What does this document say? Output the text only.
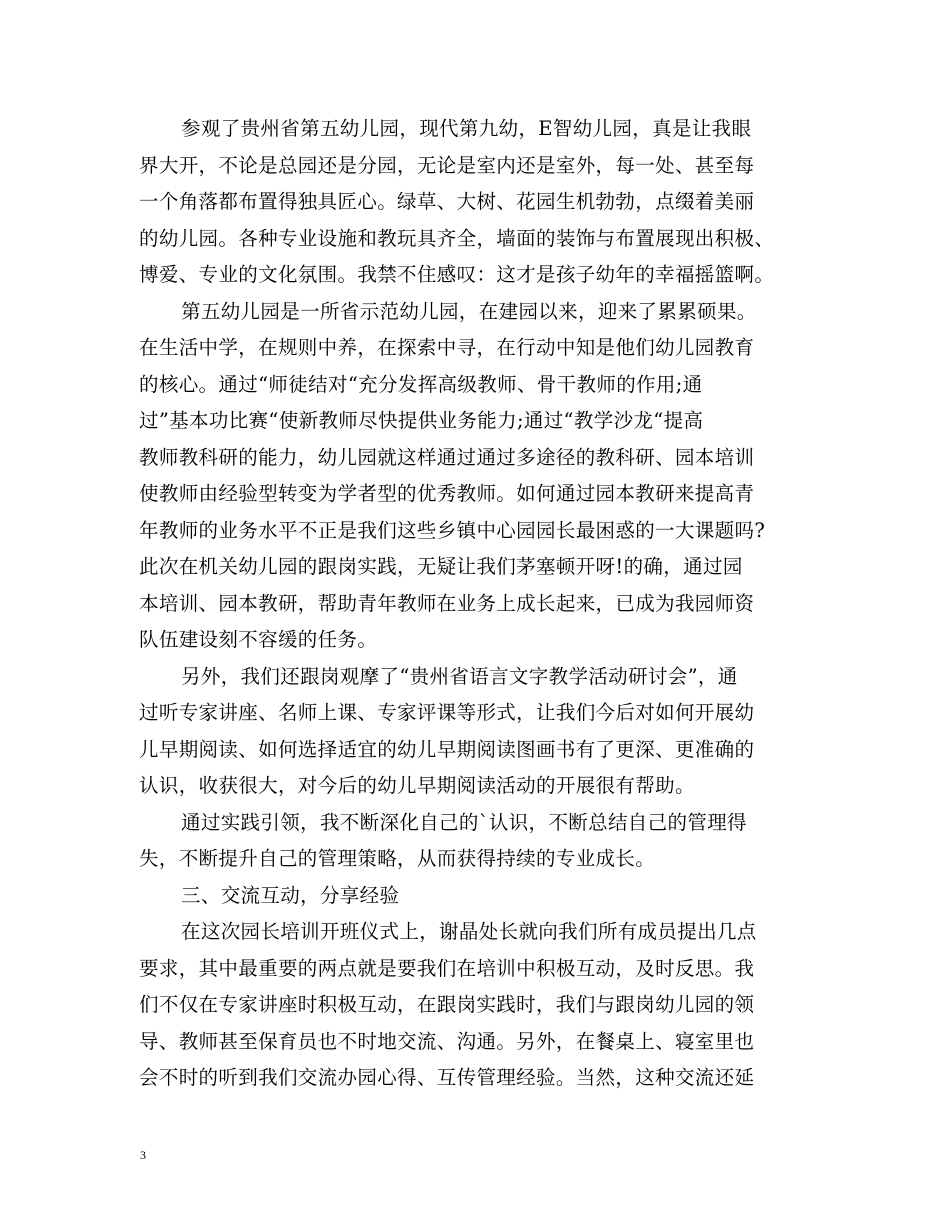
参观了贵州省第五幼儿园，现代第九幼，E智幼儿园，真是让我眼
界大开，不论是总园还是分园，无论是室内还是室外，每一处、甚至每
一个角落都布置得独具匠心。绿草、大树、花园生机勃勃，点缀着美丽
的幼儿园。各种专业设施和教玩具齐全，墙面的装饰与布置展现出积极、
博爱、专业的文化氛围。我禁不住感叹：这才是孩子幼年的幸福摇篮啊。
第五幼儿园是一所省示范幼儿园，在建园以来，迎来了累累硕果。
在生活中学，在规则中养，在探索中寻，在行动中知是他们幼儿园教育
的核心。通过“师徒结对“充分发挥高级教师、骨干教师的作用;通
过”基本功比赛“使新教师尽快提供业务能力;通过“教学沙龙“提高
教师教科研的能力，幼儿园就这样通过通过多途径的教科研、园本培训
使教师由经验型转变为学者型的优秀教师。如何通过园本教研来提高青
年教师的业务水平不正是我们这些乡镇中心园园长最困惑的一大课题吗?
此次在机关幼儿园的跟岗实践，无疑让我们茅塞顿开呀!的确，通过园
本培训、园本教研，帮助青年教师在业务上成长起来，已成为我园师资
队伍建设刻不容缓的任务。
另外，我们还跟岗观摩了“贵州省语言文字教学活动研讨会”，通
过听专家讲座、名师上课、专家评课等形式，让我们今后对如何开展幼
儿早期阅读、如何选择适宜的幼儿早期阅读图画书有了更深、更准确的
认识，收获很大，对今后的幼儿早期阅读活动的开展很有帮助。
通过实践引领，我不断深化自己的`认识，不断总结自己的管理得
失，不断提升自己的管理策略，从而获得持续的专业成长。
三、交流互动，分享经验
在这次园长培训开班仪式上，谢晶处长就向我们所有成员提出几点
要求，其中最重要的两点就是要我们在培训中积极互动，及时反思。我
们不仅在专家讲座时积极互动，在跟岗实践时，我们与跟岗幼儿园的领
导、教师甚至保育员也不时地交流、沟通。另外，在餐桌上、寝室里也
会不时的听到我们交流办园心得、互传管理经验。当然，这种交流还延
3
